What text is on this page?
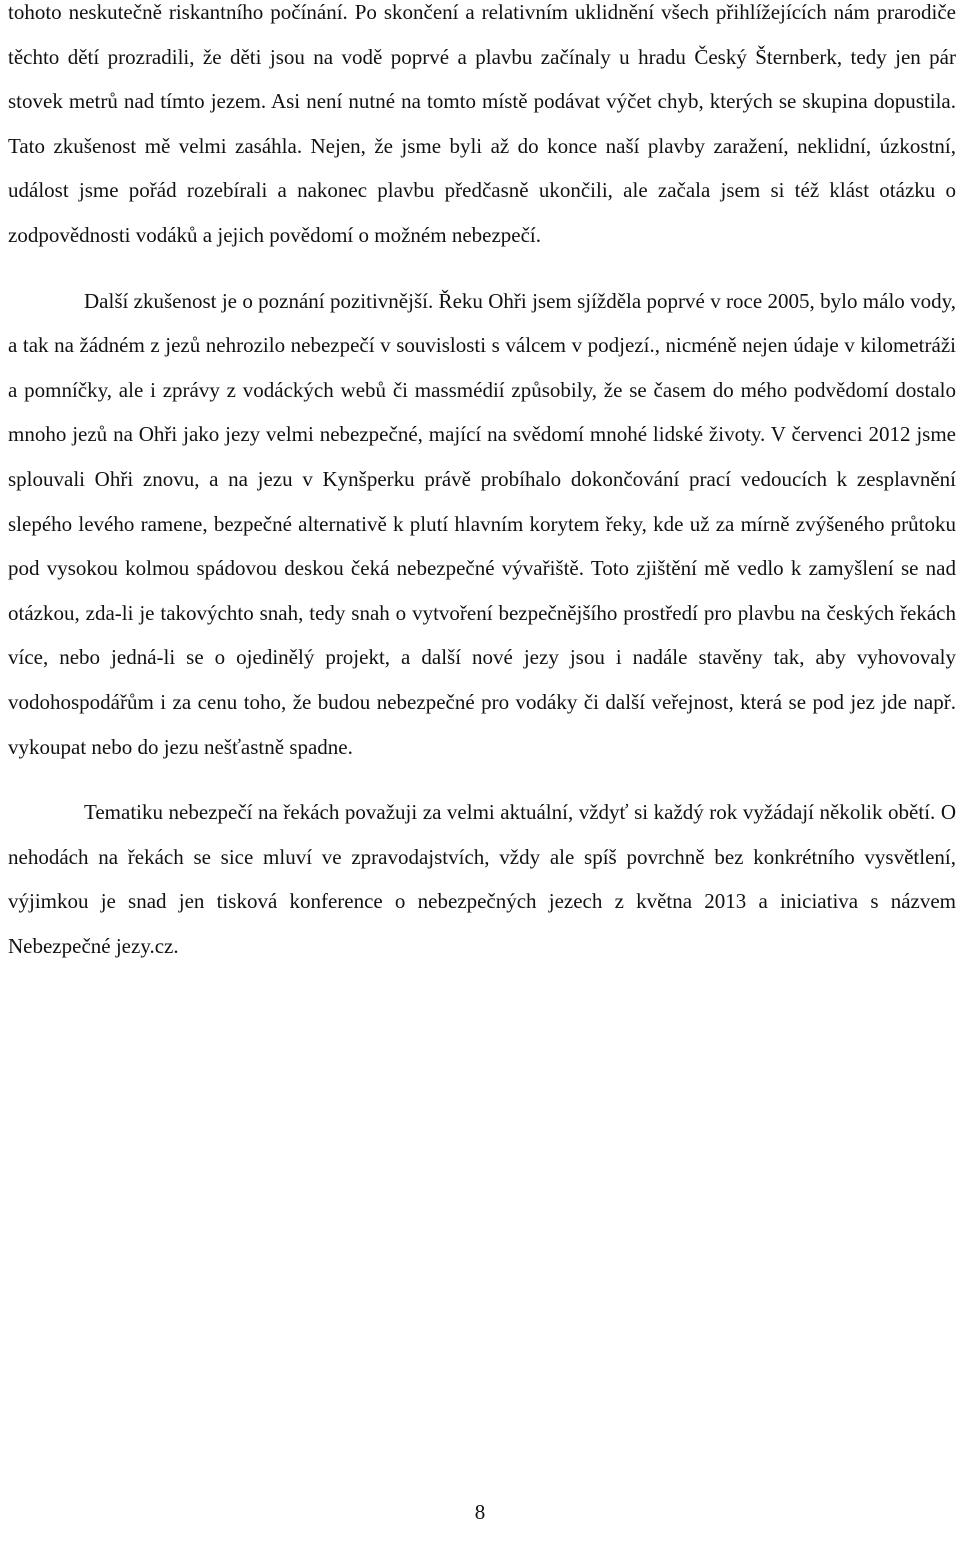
tohoto neskutečně riskantního počínání. Po skončení a relativním uklidnění všech přihlížejících nám prarodiče těchto dětí prozradili, že děti jsou na vodě poprvé a plavbu začínaly u hradu Český Šternberk, tedy jen pár stovek metrů nad tímto jezem. Asi není nutné na tomto místě podávat výčet chyb, kterých se skupina dopustila. Tato zkušenost mě velmi zasáhla. Nejen, že jsme byli až do konce naší plavby zaražení, neklidní, úzkostní, událost jsme pořád rozebírali a nakonec plavbu předčasně ukončili, ale začala jsem si též klást otázku o zodpovědnosti vodáků a jejich povědomí o možném nebezpečí.

Další zkušenost je o poznání pozitivnější. Řeku Ohři jsem sjížděla poprvé v roce 2005, bylo málo vody, a tak na žádném z jezů nehrozilo nebezpečí v souvislosti s válcem v podjezí., nicméně nejen údaje v kilometráži a pomníčky, ale i zprávy z vodáckých webů či massmédií způsobily, že se časem do mého podvědomí dostalo mnoho jezů na Ohři jako jezy velmi nebezpečné, mající na svědomí mnohé lidské životy. V červenci 2012 jsme splouvali Ohři znovu, a na jezu v Kynšperku právě probíhalo dokončování prací vedoucích k zesplavnění slepého levého ramene, bezpečné alternativě k plutí hlavním korytem řeky, kde už za mírně zvýšeného průtoku pod vysokou kolmou spádovou deskou čeká nebezpečné vývařiště. Toto zjištění mě vedlo k zamyšlení se nad otázkou, zda-li je takovýchto snah, tedy snah o vytvoření bezpečnějšího prostředí pro plavbu na českých řekách více, nebo jedná-li se o ojedinělý projekt, a další nové jezy jsou i nadále stavěny tak, aby vyhovovaly vodohospodářům i za cenu toho, že budou nebezpečné pro vodáky či další veřejnost, která se pod jez jde např. vykoupat nebo do jezu nešťastně spadne.

Tematiku nebezpečí na řekách považuji za velmi aktuální, vždyť si každý rok vyžádají několik obětí. O nehodách na řekách se sice mluví ve zpravodajstvích, vždy ale spíš povrchně bez konkrétního vysvětlení, výjimkou je snad jen tisková konference o nebezpečných jezech z května 2013 a iniciativa s názvem Nebezpečné jezy.cz.

8
